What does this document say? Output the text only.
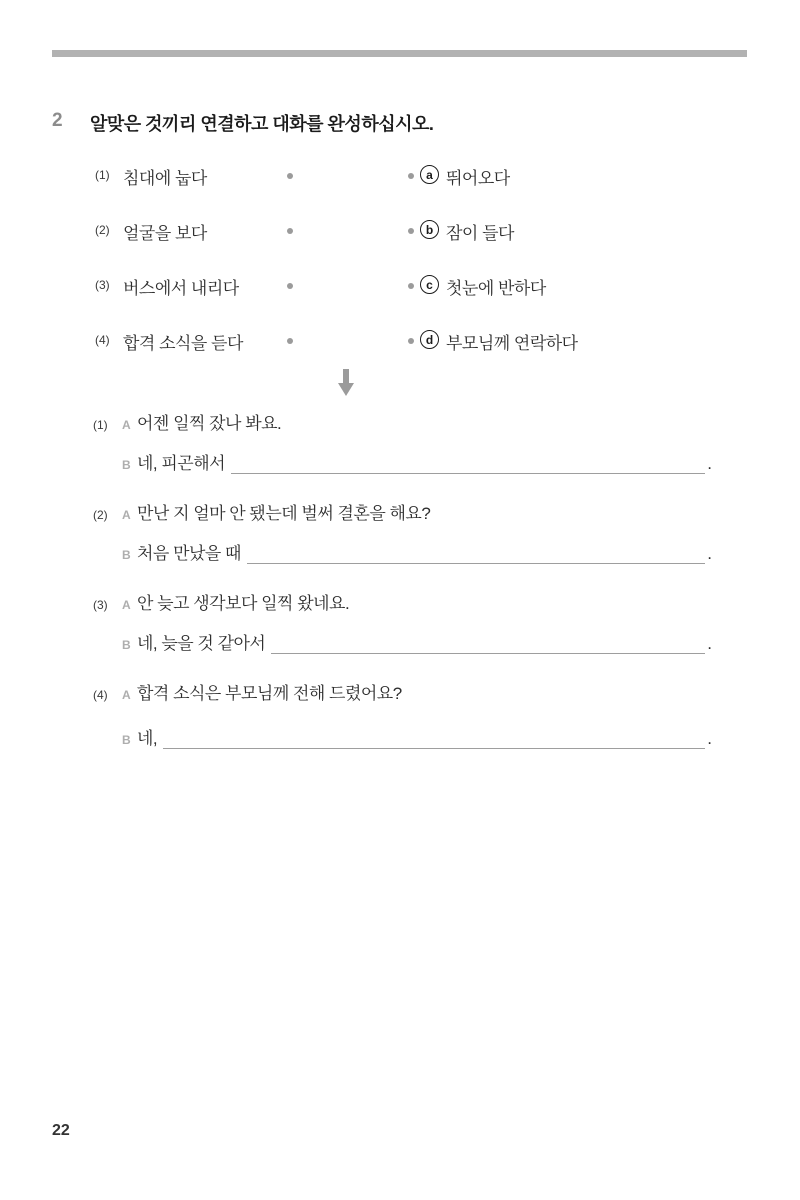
2 알맞은 것끼리 연결하고 대화를 완성하십시오.
(1) 침대에 눕다	a 뛰어오다
(2) 얼굴을 보다	b 잠이 들다
(3) 버스에서 내리다	c 첫눈에 반하다
(4) 합격 소식을 듣다	d 부모님께 연락하다
(1)	A 어젠 일찍 잤나 봐요.
B 네, 피곤해서	.
(2)	A 만난 지 얼마 안 됐는데 벌써 결혼을 해요?
B 처음 만났을 때	.
(3)	A 안 늦고 생각보다 일찍 왔네요.
B 네, 늦을 것 같아서	.
(4)	A 합격 소식은 부모님께 전해 드렸어요?
B 네,	.
22
